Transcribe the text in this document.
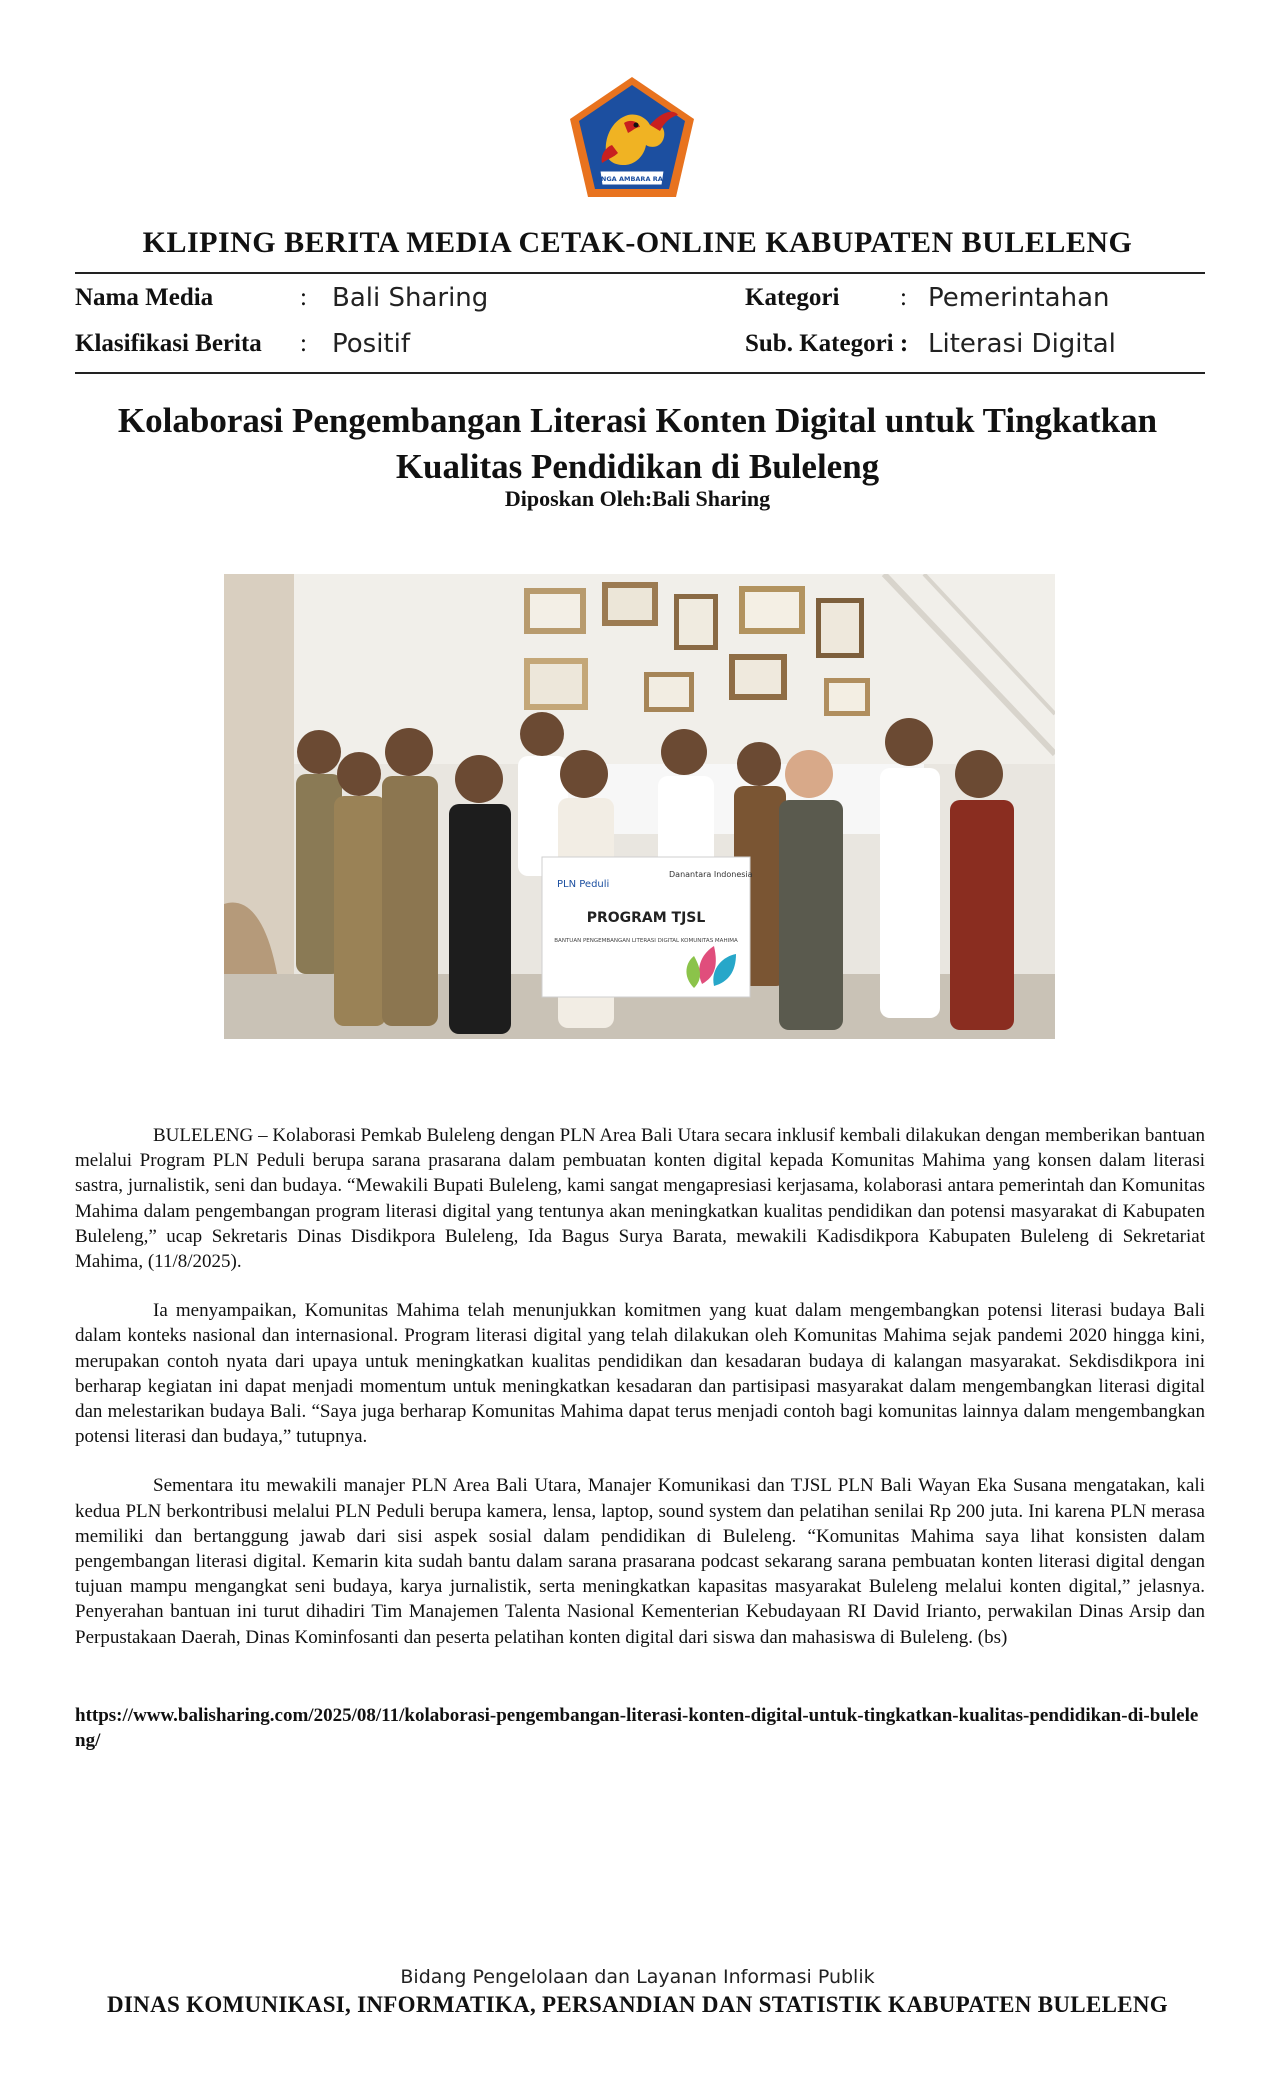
SINGA AMBARA RAJA
KLIPING BERITA MEDIA CETAK-ONLINE KABUPATEN BULELENG
Nama Media	: Bali Sharing	Kategori : Pemerintahan
Klasifikasi Berita : Positif	Sub. Kategori : Literasi Digital
Kolaborasi Pengembangan Literasi Konten Digital untuk Tingkatkan Kualitas Pendidikan di Buleleng
Diposkan Oleh:Bali Sharing
PLN Peduli
Danantara Indonesia
PROGRAM TJSL
BANTUAN PENGEMBANGAN LITERASI DIGITAL KOMUNITAS MAHIMA

BULELENG – Kolaborasi Pemkab Buleleng dengan PLN Area Bali Utara secara inklusif kembali dilakukan dengan memberikan bantuan melalui Program PLN Peduli berupa sarana prasarana dalam pembuatan konten digital kepada Komunitas Mahima yang konsen dalam literasi sastra, jurnalistik, seni dan budaya. “Mewakili Bupati Buleleng, kami sangat mengapresiasi kerjasama, kolaborasi antara pemerintah dan Komunitas Mahima dalam pengembangan program literasi digital yang tentunya akan meningkatkan kualitas pendidikan dan potensi masyarakat di Kabupaten Buleleng,” ucap Sekretaris Dinas Disdikpora Buleleng, Ida Bagus Surya Barata, mewakili Kadisdikpora Kabupaten Buleleng di Sekretariat Mahima, (11/8/2025).

Ia menyampaikan, Komunitas Mahima telah menunjukkan komitmen yang kuat dalam mengembangkan potensi literasi budaya Bali dalam konteks nasional dan internasional. Program literasi digital yang telah dilakukan oleh Komunitas Mahima sejak pandemi 2020 hingga kini, merupakan contoh nyata dari upaya untuk meningkatkan kualitas pendidikan dan kesadaran budaya di kalangan masyarakat. Sekdisdikpora ini berharap kegiatan ini dapat menjadi momentum untuk meningkatkan kesadaran dan partisipasi masyarakat dalam mengembangkan literasi digital dan melestarikan budaya Bali. “Saya juga berharap Komunitas Mahima dapat terus menjadi contoh bagi komunitas lainnya dalam mengembangkan potensi literasi dan budaya,” tutupnya.

Sementara itu mewakili manajer PLN Area Bali Utara, Manajer Komunikasi dan TJSL PLN Bali Wayan Eka Susana mengatakan, kali kedua PLN berkontribusi melalui PLN Peduli berupa kamera, lensa, laptop, sound system dan pelatihan senilai Rp 200 juta. Ini karena PLN merasa memiliki dan bertanggung jawab dari sisi aspek sosial dalam pendidikan di Buleleng. “Komunitas Mahima saya lihat konsisten dalam pengembangan literasi digital. Kemarin kita sudah bantu dalam sarana prasarana podcast sekarang sarana pembuatan konten literasi digital dengan tujuan mampu mengangkat seni budaya, karya jurnalistik, serta meningkatkan kapasitas masyarakat Buleleng melalui konten digital,” jelasnya. Penyerahan bantuan ini turut dihadiri Tim Manajemen Talenta Nasional Kementerian Kebudayaan RI David Irianto, perwakilan Dinas Arsip dan Perpustakaan Daerah, Dinas Kominfosanti dan peserta pelatihan konten digital dari siswa dan mahasiswa di Buleleng. (bs)

https://www.balisharing.com/2025/08/11/kolaborasi-pengembangan-literasi-konten-digital-untuk-tingkatkan-kualitas-pendidikan-di-buleleng/
Bidang Pengelolaan dan Layanan Informasi Publik
DINAS KOMUNIKASI, INFORMATIKA, PERSANDIAN DAN STATISTIK KABUPATEN BULELENG
